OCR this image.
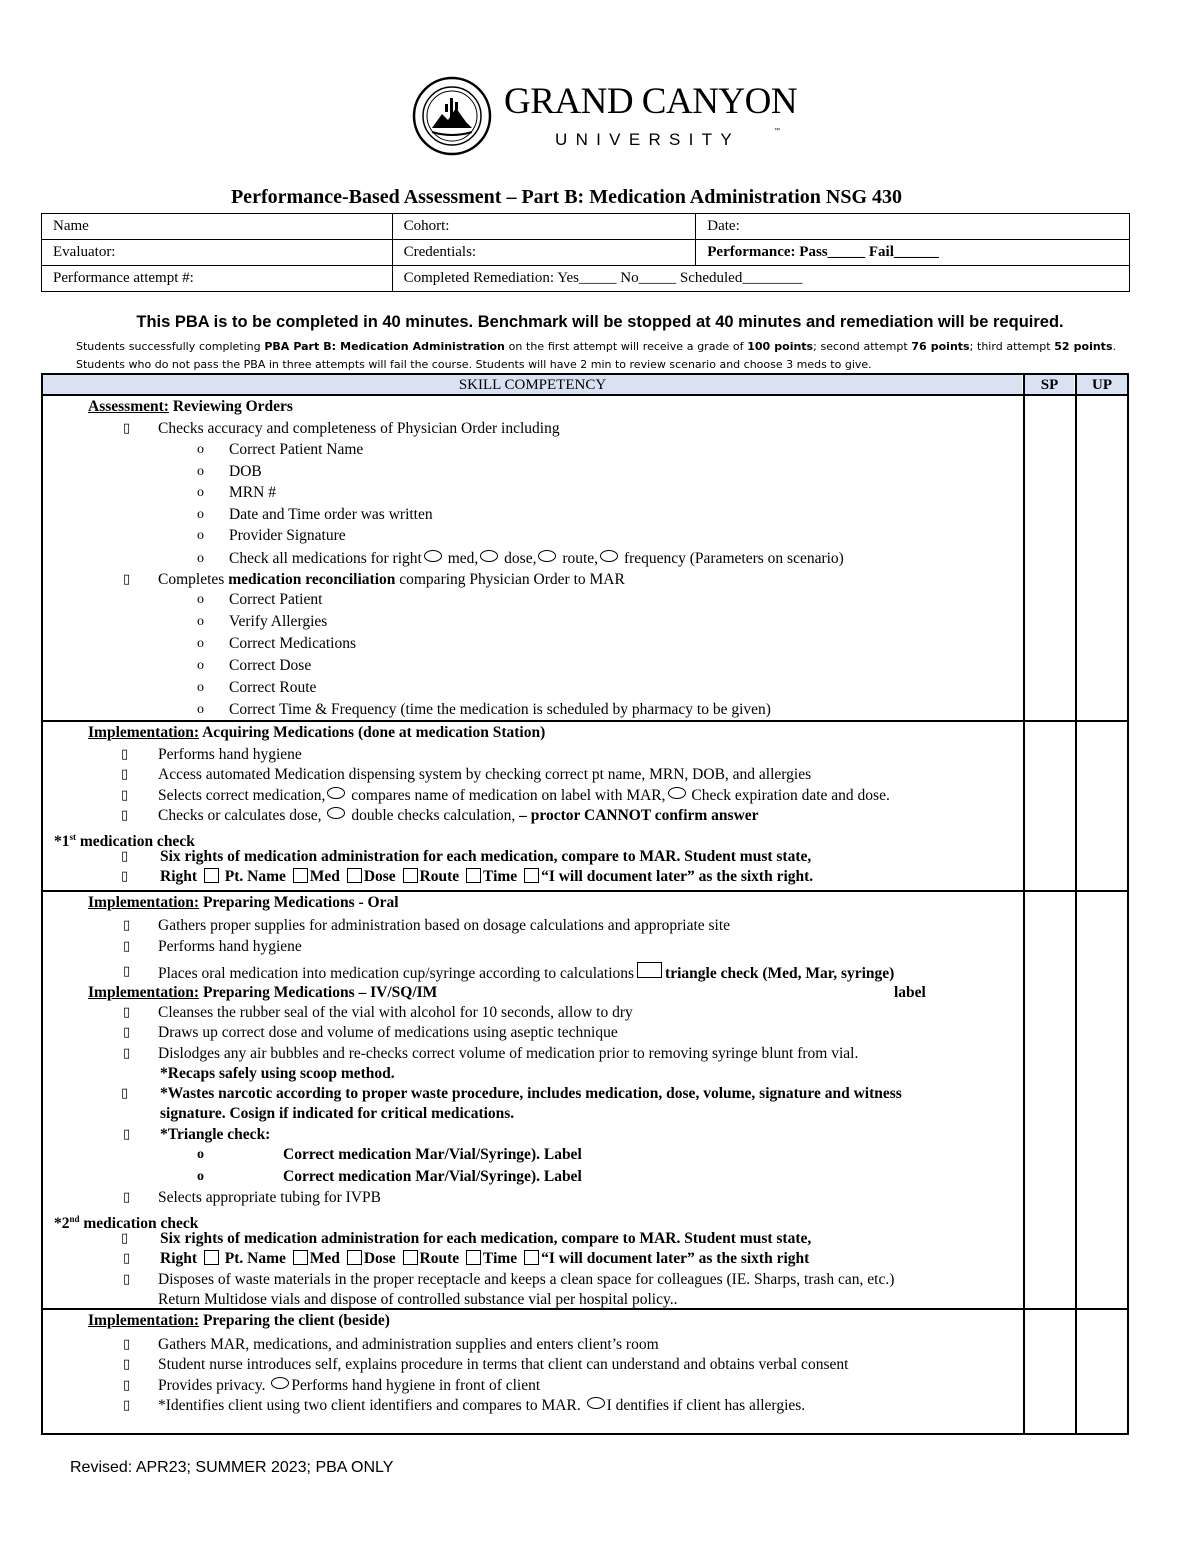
GRAND CANYON
UNIVERSITY	™
Performance-Based Assessment – Part B: Medication Administration NSG 430
Name	Cohort:	Date:
Evaluator:	Credentials:	Performance: Pass_____ Fail______
Performance attempt #:	Completed Remediation: Yes_____ No_____ Scheduled________	
This PBA is to be completed in 40 minutes. Benchmark will be stopped at 40 minutes and remediation will be required.
Students successfully completing PBA Part B: Medication Administration on the first attempt will receive a grade of 100 points; second attempt 76 points; third attempt 52 points. Students who do not pass the PBA in three attempts will fail the course. Students will have 2 min to review scenario and choose 3 meds to give.
SKILL COMPETENCY	SP	UP
Assessment: Reviewing Orders
▯ Checks accuracy and completeness of Physician Order including
o Check all medications for right med, dose, route, frequency (Parameters on scenario)
▯ Completes medication reconciliation comparing Physician Order to MAR
Implementation: Acquiring Medications (done at medication Station)
▯ Performs hand hygiene
▯ Access automated Medication dispensing system by checking correct pt name, MRN, DOB, and allergies
▯ Selects correct medication, compares name of medication on label with MAR, Check expiration date and dose.
▯ Checks or calculates dose,  double checks calculation, – proctor CANNOT confirm answer
*1st medication check
▯ Six rights of medication administration for each medication, compare to MAR. Student must state,
▯ Right  Pt. Name Med Dose Route Time “I will document later” as the sixth right.
Implementation: Preparing Medications - Oral
▯ Gathers proper supplies for administration based on dosage calculations and appropriate site
▯ Performs hand hygiene
▯ Places oral medication into medication cup/syringe according to calculations triangle check (Med, Mar, syringe)
Implementation: Preparing Medications – IV/SQ/IM	label
▯ Cleanses the rubber seal of the vial with alcohol for 10 seconds, allow to dry
▯ Draws up correct dose and volume of medications using aseptic technique
▯ Dislodges any air bubbles and re-checks correct volume of medication prior to removing syringe blunt from vial.
*Recaps safely using scoop method.
▯ *Wastes narcotic according to proper waste procedure, includes medication, dose, volume, signature and witness
signature. Cosign if indicated for critical medications.
▯ *Triangle check:
o	Correct medication Mar/Vial/Syringe). Label
o	Correct medication Mar/Vial/Syringe). Label
▯ Selects appropriate tubing for IVPB
*2nd medication check
▯ Six rights of medication administration for each medication, compare to MAR. Student must state,
▯ Right  Pt. Name Med Dose Route Time “I will document later” as the sixth right
▯ Disposes of waste materials in the proper receptacle and keeps a clean space for colleagues (IE. Sharps, trash can, etc.)
Return Multidose vials and dispose of controlled substance vial per hospital policy..
Implementation: Preparing the client (beside)
▯ Gathers MAR, medications, and administration supplies and enters client’s room
▯ Student nurse introduces self, explains procedure in terms that client can understand and obtains verbal consent
▯ Provides privacy. Performs hand hygiene in front of client
▯ *Identifies client using two client identifiers and compares to MAR. I dentifies if client has allergies.
Revised: APR23; SUMMER 2023; PBA ONLY
o Correct Patient Name
o DOB
o MRN #
o Date and Time order was written
o Provider Signature
o Correct Patient
o Verify Allergies
o Correct Medications
o Correct Dose
o Correct Route
o Correct Time & Frequency (time the medication is scheduled by pharmacy to be given)
